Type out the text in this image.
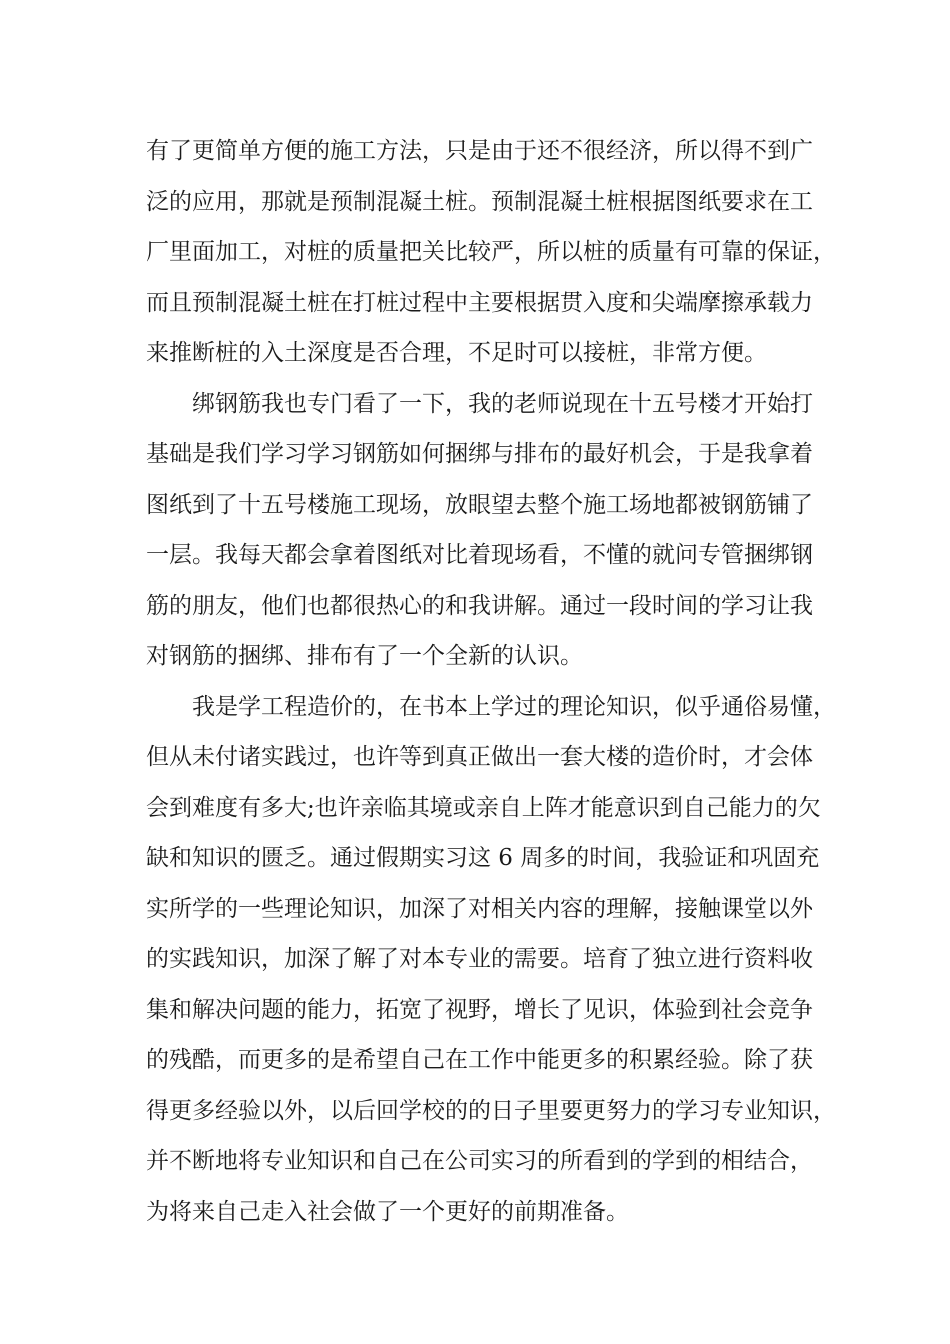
有了更简单方便的施工方法，只是由于还不很经济，所以得不到广
泛的应用，那就是预制混凝土桩。预制混凝土桩根据图纸要求在工
厂里面加工，对桩的质量把关比较严，所以桩的质量有可靠的保证，
而且预制混凝土桩在打桩过程中主要根据贯入度和尖端摩擦承载力
来推断桩的入土深度是否合理，不足时可以接桩，非常方便。
绑钢筋我也专门看了一下，我的老师说现在十五号楼才开始打
基础是我们学习学习钢筋如何捆绑与排布的最好机会，于是我拿着
图纸到了十五号楼施工现场，放眼望去整个施工场地都被钢筋铺了
一层。我每天都会拿着图纸对比着现场看，不懂的就问专管捆绑钢
筋的朋友，他们也都很热心的和我讲解。通过一段时间的学习让我
对钢筋的捆绑、排布有了一个全新的认识。
我是学工程造价的，在书本上学过的理论知识，似乎通俗易懂，
但从未付诸实践过，也许等到真正做出一套大楼的造价时，才会体
会到难度有多大;也许亲临其境或亲自上阵才能意识到自己能力的欠
缺和知识的匮乏。通过假期实习这 6 周多的时间，我验证和巩固充
实所学的一些理论知识，加深了对相关内容的理解，接触课堂以外
的实践知识，加深了解了对本专业的需要。培育了独立进行资料收
集和解决问题的能力，拓宽了视野，增长了见识，体验到社会竞争
的残酷，而更多的是希望自己在工作中能更多的积累经验。除了获
得更多经验以外，以后回学校的的日子里要更努力的学习专业知识，
并不断地将专业知识和自己在公司实习的所看到的学到的相结合，
为将来自己走入社会做了一个更好的前期准备。
